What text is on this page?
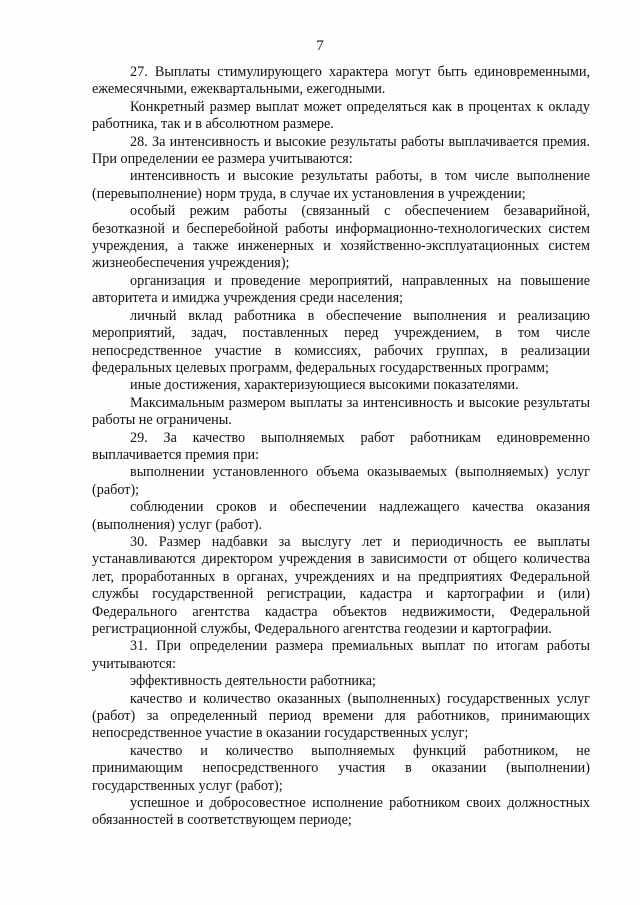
7

27. Выплаты стимулирующего характера могут быть единовременными, ежемесячными, ежеквартальными, ежегодными.

Конкретный размер выплат может определяться как в процентах к окладу работника, так и в абсолютном размере.

28. За интенсивность и высокие результаты работы выплачивается премия. При определении ее размера учитываются:

интенсивность и высокие результаты работы, в том числе выполнение (перевыполнение) норм труда, в случае их установления в учреждении;

особый режим работы (связанный с обеспечением безаварийной, безотказной и бесперебойной работы информационно-технологических систем учреждения, а также инженерных и хозяйственно-эксплуатационных систем жизнеобеспечения учреждения);

организация и проведение мероприятий, направленных на повышение авторитета и имиджа учреждения среди населения;

личный вклад работника в обеспечение выполнения и реализацию мероприятий, задач, поставленных перед учреждением, в том числе непосредственное участие в комиссиях, рабочих группах, в реализации федеральных целевых программ, федеральных государственных программ;

иные достижения, характеризующиеся высокими показателями.

Максимальным размером выплаты за интенсивность и высокие результаты работы не ограничены.

29. За качество выполняемых работ работникам единовременно выплачивается премия при:

выполнении установленного объема оказываемых (выполняемых) услуг (работ);

соблюдении сроков и обеспечении надлежащего качества оказания (выполнения) услуг (работ).

30. Размер надбавки за выслугу лет и периодичность ее выплаты устанавливаются директором учреждения в зависимости от общего количества лет, проработанных в органах, учреждениях и на предприятиях Федеральной службы государственной регистрации, кадастра и картографии и (или) Федерального агентства кадастра объектов недвижимости, Федеральной регистрационной службы, Федерального агентства геодезии и картографии.

31. При определении размера премиальных выплат по итогам работы учитываются:

эффективность деятельности работника;

качество и количество оказанных (выполненных) государственных услуг (работ) за определенный период времени для работников, принимающих непосредственное участие в оказании государственных услуг;

качество и количество выполняемых функций работником, не принимающим непосредственного участия в оказании (выполнении) государственных услуг (работ);

успешное и добросовестное исполнение работником своих должностных обязанностей в соответствующем периоде;
